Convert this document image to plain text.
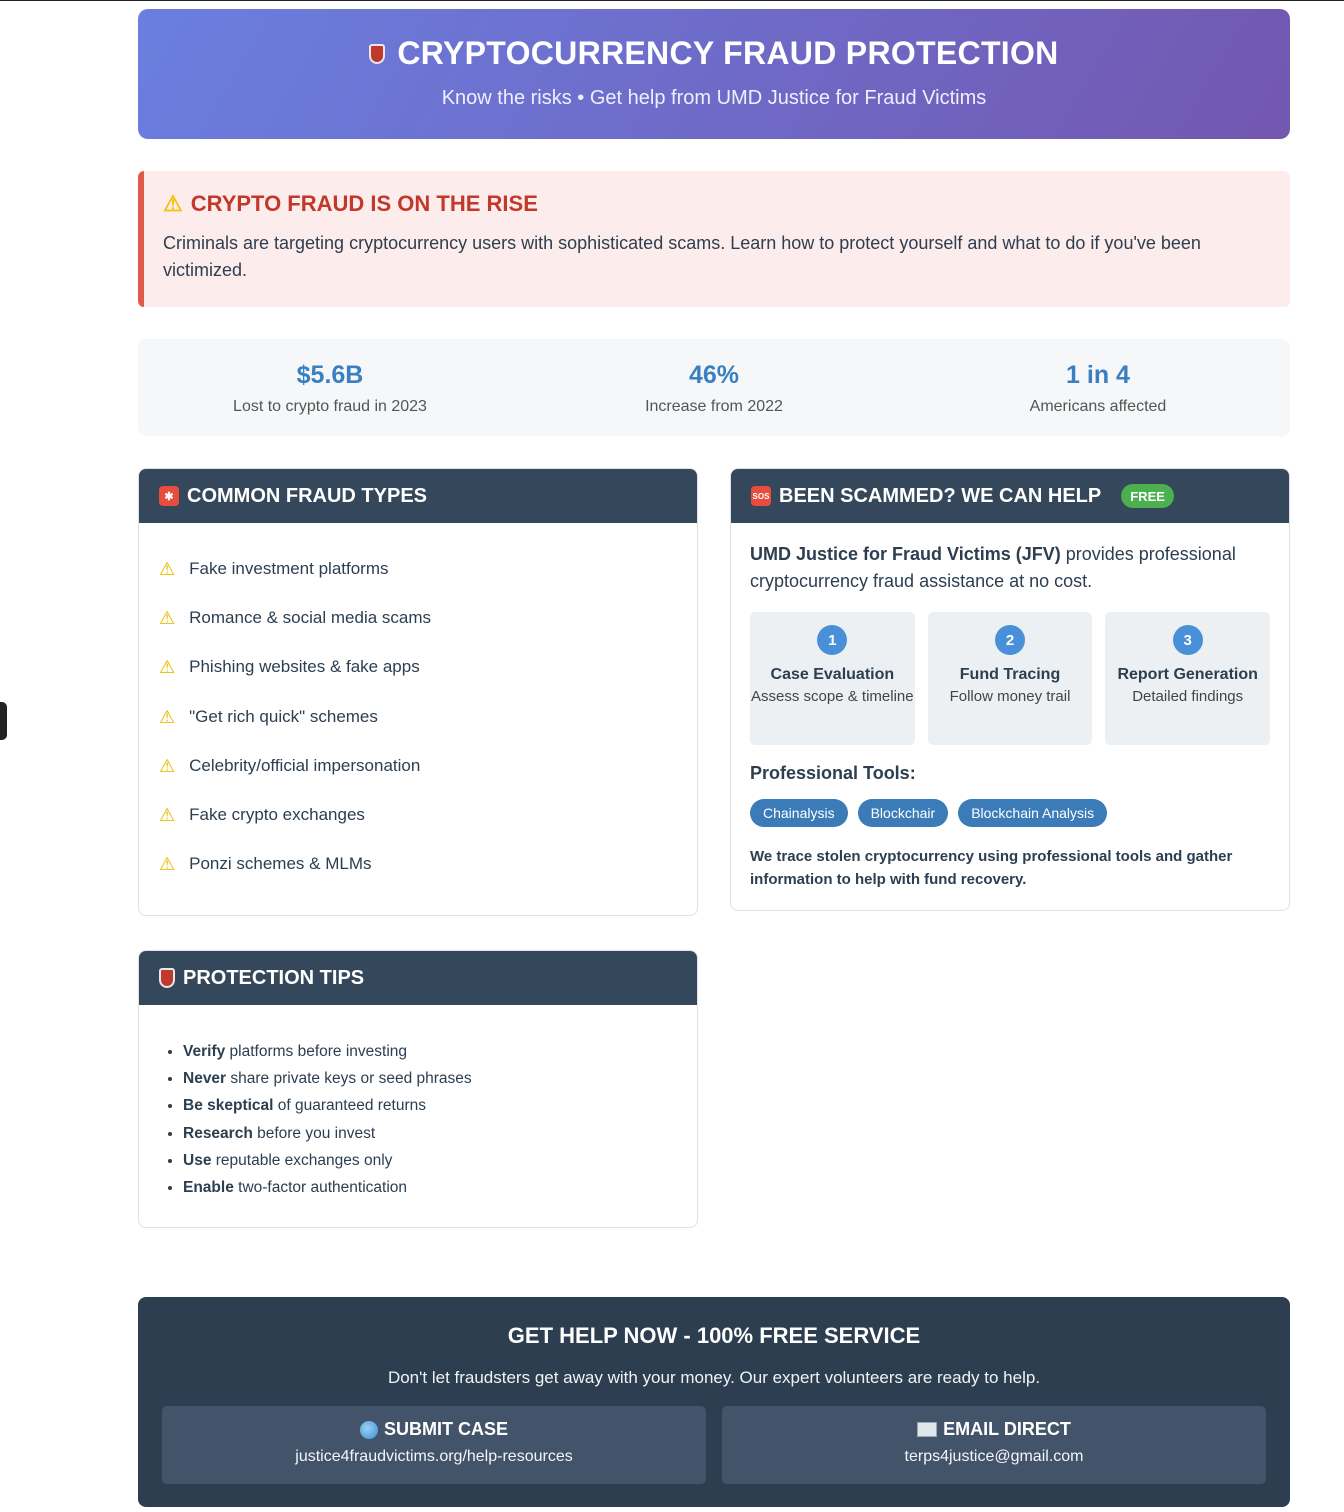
CRYPTOCURRENCY FRAUD PROTECTION
Know the risks • Get help from UMD Justice for Fraud Victims
⚠ CRYPTO FRAUD IS ON THE RISE

Criminals are targeting cryptocurrency users with sophisticated scams. Learn how to protect yourself and what to do if you've been victimized.

$5.6B
Lost to crypto fraud in 2023
46%
Increase from 2022
1 in 4
Americans affected
✱ COMMON FRAUD TYPES
⚠ Fake investment platforms
⚠ Romance & social media scams
⚠ Phishing websites & fake apps
⚠ "Get rich quick" schemes
⚠ Celebrity/official impersonation
⚠ Fake crypto exchanges
⚠ Ponzi schemes & MLMs
SOS BEEN SCAMMED? WE CAN HELP	FREE
UMD Justice for Fraud Victims (JFV) provides professional cryptocurrency fraud assistance at no cost.
1
Case Evaluation
Assess scope & timeline
2
Fund Tracing
Follow money trail
3
Report Generation
Detailed findings
Professional Tools:
Chainalysis	Blockchair	Blockchain Analysis
We trace stolen cryptocurrency using professional tools and gather information to help with fund recovery.
PROTECTION TIPS
• Verify platforms before investing
• Never share private keys or seed phrases
• Be skeptical of guaranteed returns
• Research before you invest
• Use reputable exchanges only
• Enable two-factor authentication
GET HELP NOW - 100% FREE SERVICE

Don't let fraudsters get away with your money. Our expert volunteers are ready to help.

SUBMIT CASE
justice4fraudvictims.org/help-resources
EMAIL DIRECT
terps4justice@gmail.com
